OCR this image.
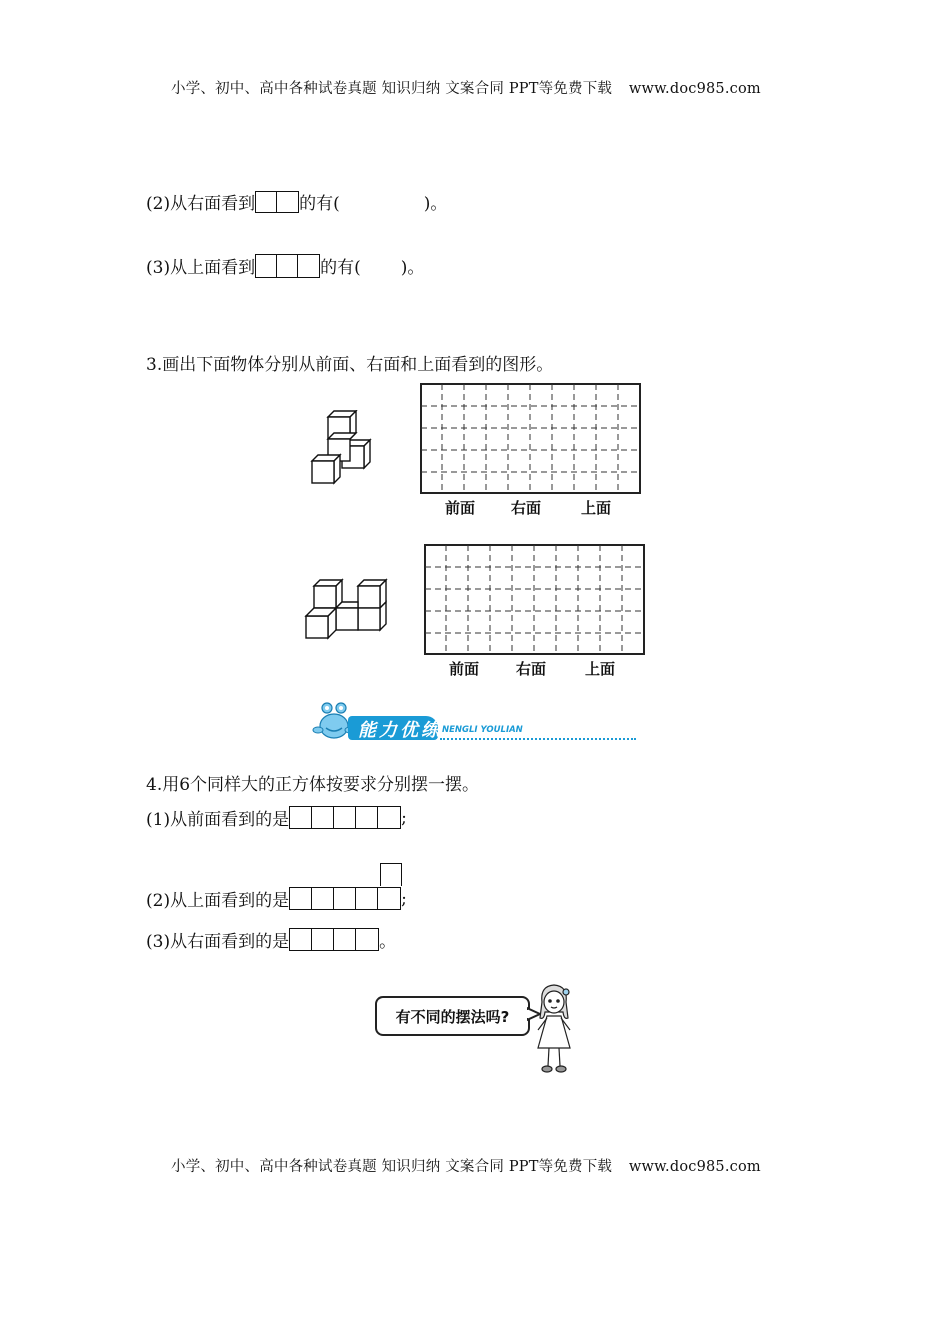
小学、初中、高中各种试卷真题 知识归纳 文案合同 PPT等免费下载 www.doc985.com
(2)从右面看到	的有(	)。
(3)从上面看到	的有( )。
3.画出下面物体分别从前面、右面和上面看到的图形。
前面 右面	上面
前面 右面	上面
能力优练 NENGLI YOULIAN
4.用6个同样大的正方体按要求分别摆一摆。
(1)从前面看到的是	;
(2)从上面看到的是	;
(3)从右面看到的是	。
有不同的摆法吗?
小学、初中、高中各种试卷真题 知识归纳 文案合同 PPT等免费下载 www.doc985.com
